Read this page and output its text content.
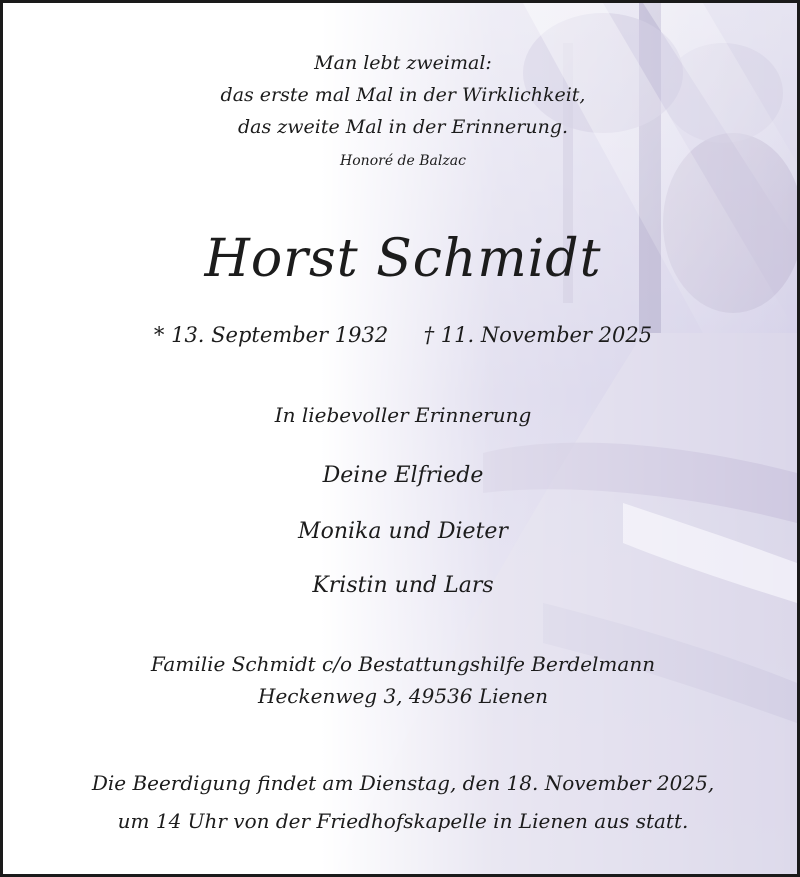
Man lebt zweimal:
das erste mal Mal in der Wirklichkeit,
das zweite Mal in der Erinnerung.
Honoré de Balzac
Horst Schmidt
* 13. September 1932 † 11. November 2025
In liebevoller Erinnerung
Deine Elfriede
Monika und Dieter
Kristin und Lars
Familie Schmidt c/o Bestattungshilfe Berdelmann
Heckenweg 3, 49536 Lienen
Die Beerdigung findet am Dienstag, den 18. November 2025,
um 14 Uhr von der Friedhofskapelle in Lienen aus statt.
